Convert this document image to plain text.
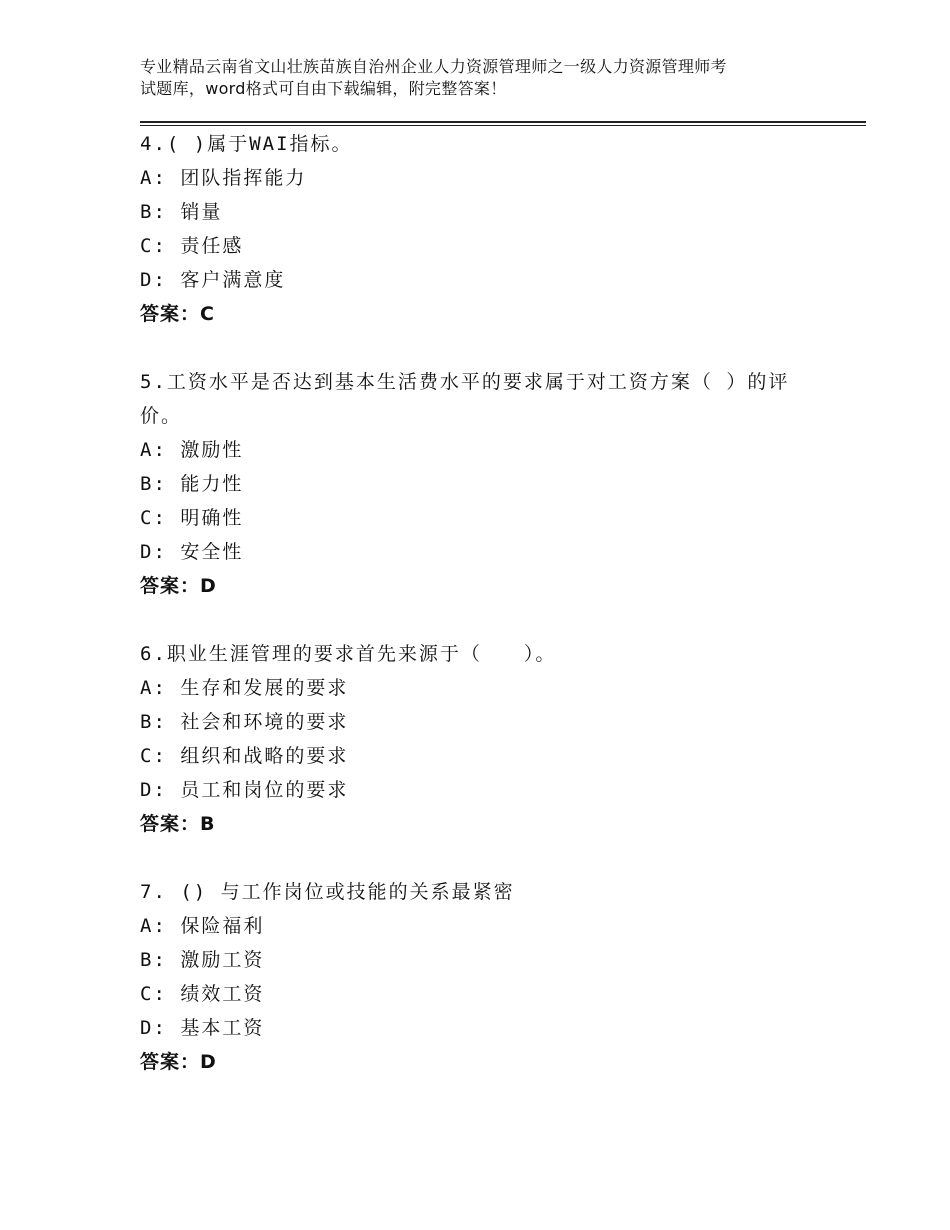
专业精品云南省文山壮族苗族自治州企业人力资源管理师之一级人力资源管理师考
试题库，word格式可自由下载编辑，附完整答案！
4.( )属于WAI指标。
A: 团队指挥能力
B: 销量
C: 责任感
D: 客户满意度
答案：C
5.工资水平是否达到基本生活费水平的要求属于对工资方案（ ）的评价。
A: 激励性
B: 能力性
C: 明确性
D: 安全性
答案：D
6.职业生涯管理的要求首先来源于（　　）。
A: 生存和发展的要求
B: 社会和环境的要求
C: 组织和战略的要求
D: 员工和岗位的要求
答案：B
7. () 与工作岗位或技能的关系最紧密
A: 保险福利
B: 激励工资
C: 绩效工资
D: 基本工资
答案：D
